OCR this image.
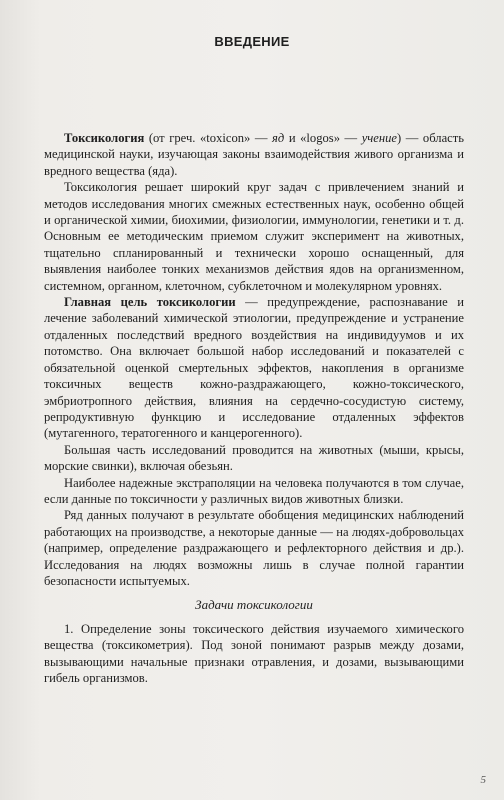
ВВЕДЕНИЕ

Токсикология (от греч. «toxicon» — яд и «logos» — учение) — область медицинской науки, изучающая законы взаимодействия живого организма и вредного вещества (яда).

Токсикология решает широкий круг задач с привлечением знаний и методов исследования многих смежных естественных наук, особенно общей и органической химии, биохимии, физиологии, иммунологии, генетики и т. д. Основным ее методическим приемом служит эксперимент на животных, тщательно спланированный и технически хорошо оснащенный, для выявления наиболее тонких механизмов действия ядов на организменном, системном, органном, клеточном, субклеточном и молекулярном уровнях.

Главная цель токсикологии — предупреждение, распознавание и лечение заболеваний химической этиологии, предупреждение и устранение отдаленных последствий вредного воздействия на индивидуумов и их потомство. Она включает большой набор исследований и показателей с обязательной оценкой смертельных эффектов, накопления в организме токсичных веществ кожно-раздражающего, кожно-токсического, эмбриотропного действия, влияния на сердечно-сосудистую систему, репродуктивную функцию и исследование отдаленных эффектов (мутагенного, тератогенного и канцерогенного).

Большая часть исследований проводится на животных (мыши, крысы, морские свинки), включая обезьян.

Наиболее надежные экстраполяции на человека получаются в том случае, если данные по токсичности у различных видов животных близки.

Ряд данных получают в результате обобщения медицинских наблюдений работающих на производстве, а некоторые данные — на людях-добровольцах (например, определение раздражающего и рефлекторного действия и др.). Исследования на людях возможны лишь в случае полной гарантии безопасности испытуемых.

Задачи токсикологии

1. Определение зоны токсического действия изучаемого химического вещества (токсикометрия). Под зоной понимают разрыв между дозами, вызывающими начальные признаки отравления, и дозами, вызывающими гибель организмов.

5
